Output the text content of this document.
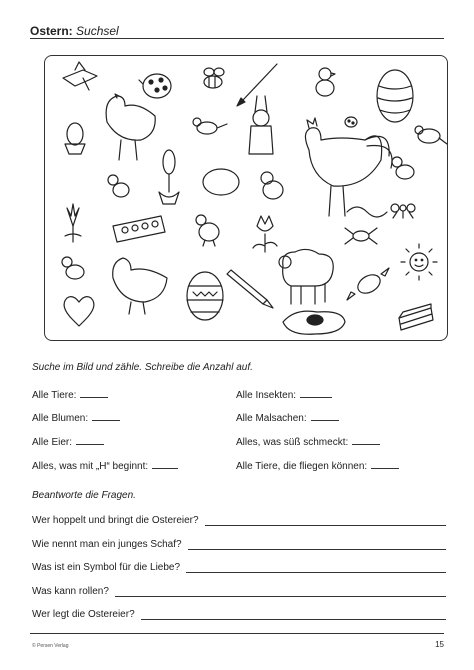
Ostern: Suchsel
Suche im Bild und zähle. Schreibe die Anzahl auf.
Alle Tiere:	Alle Insekten:
Alle Blumen:	Alle Malsachen:
Alle Eier:	Alles, was süß schmeckt:
Alles, was mit „H“ beginnt:	Alle Tiere, die fliegen können:
Beantworte die Fragen.
Wer hoppelt und bringt die Ostereier?
Wie nennt man ein junges Schaf?
Was ist ein Symbol für die Liebe?
Was kann rollen?
Wer legt die Ostereier?
© Persen Verlag	15
